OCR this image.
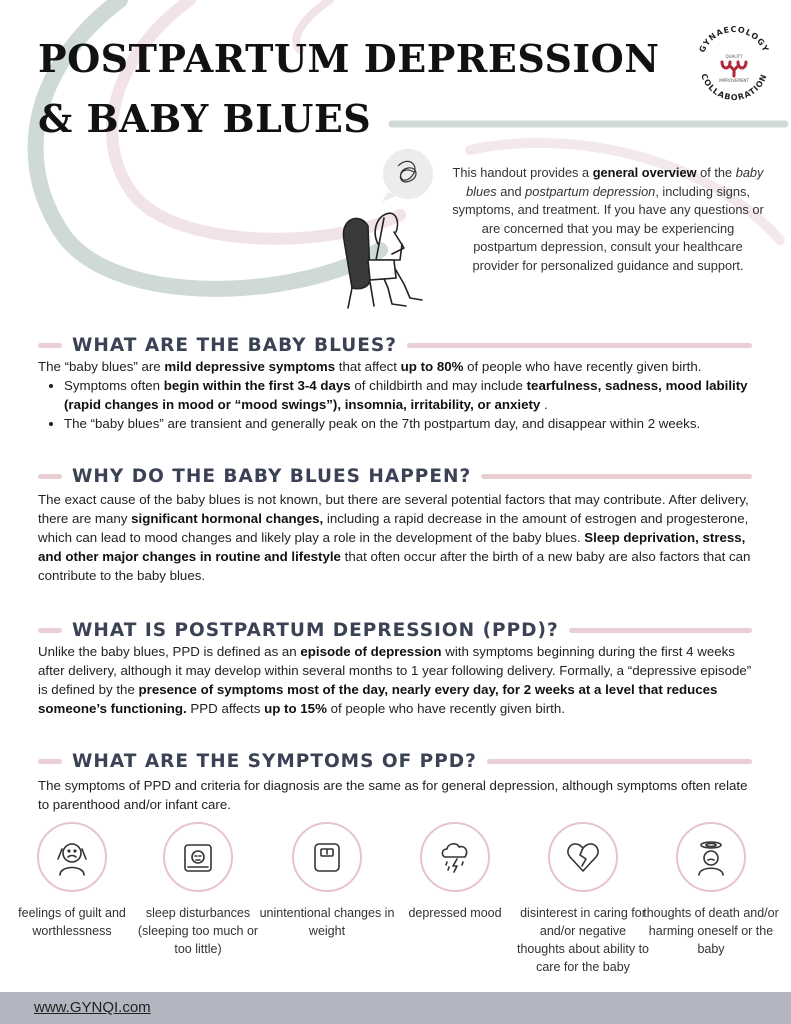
POSTPARTUM DEPRESSION
& BABY BLUES
GYNAECOLOGY
COLLABORATION
QUALITY
IMPROVEMENT
This handout provides a general overview of the baby blues and postpartum depression, including signs, symptoms, and treatment. If you have any questions or are concerned that you may be experiencing postpartum depression, consult your healthcare provider for personalized guidance and support.
WHAT ARE THE BABY BLUES?

The “baby blues” are mild depressive symptoms that affect up to 80% of people who have recently given birth.

• Symptoms often begin within the first 3-4 days of childbirth and may include tearfulness, sadness, mood lability (rapid changes in mood or “mood swings”), insomnia, irritability, or anxiety .
• The “baby blues” are transient and generally peak on the 7th postpartum day, and disappear within 2 weeks.
WHY DO THE BABY BLUES HAPPEN?

The exact cause of the baby blues is not known, but there are several potential factors that may contribute. After delivery, there are many significant hormonal changes, including a rapid decrease in the amount of estrogen and progesterone, which can lead to mood changes and likely play a role in the development of the baby blues. Sleep deprivation, stress, and other major changes in routine and lifestyle that often occur after the birth of a new baby are also factors that can contribute to the baby blues.

WHAT IS POSTPARTUM DEPRESSION (PPD)?

Unlike the baby blues, PPD is defined as an episode of depression with symptoms beginning during the first 4 weeks after delivery, although it may develop within several months to 1 year following delivery. Formally, a “depressive episode” is defined by the presence of symptoms most of the day, nearly every day, for 2 weeks at a level that reduces someone’s functioning. PPD affects up to 15% of people who have recently given birth.

WHAT ARE THE SYMPTOMS OF PPD?

The symptoms of PPD and criteria for diagnosis are the same as for general depression, although symptoms often relate to parenthood and/or infant care.

feelings of guilt and worthlessness
sleep disturbances (sleeping too much or too little)
unintentional changes in weight
depressed mood	disinterest in caring for and/or negative thoughts about ability to care for the baby
thoughts of death and/or harming oneself or the baby
www.GYNQI.com
